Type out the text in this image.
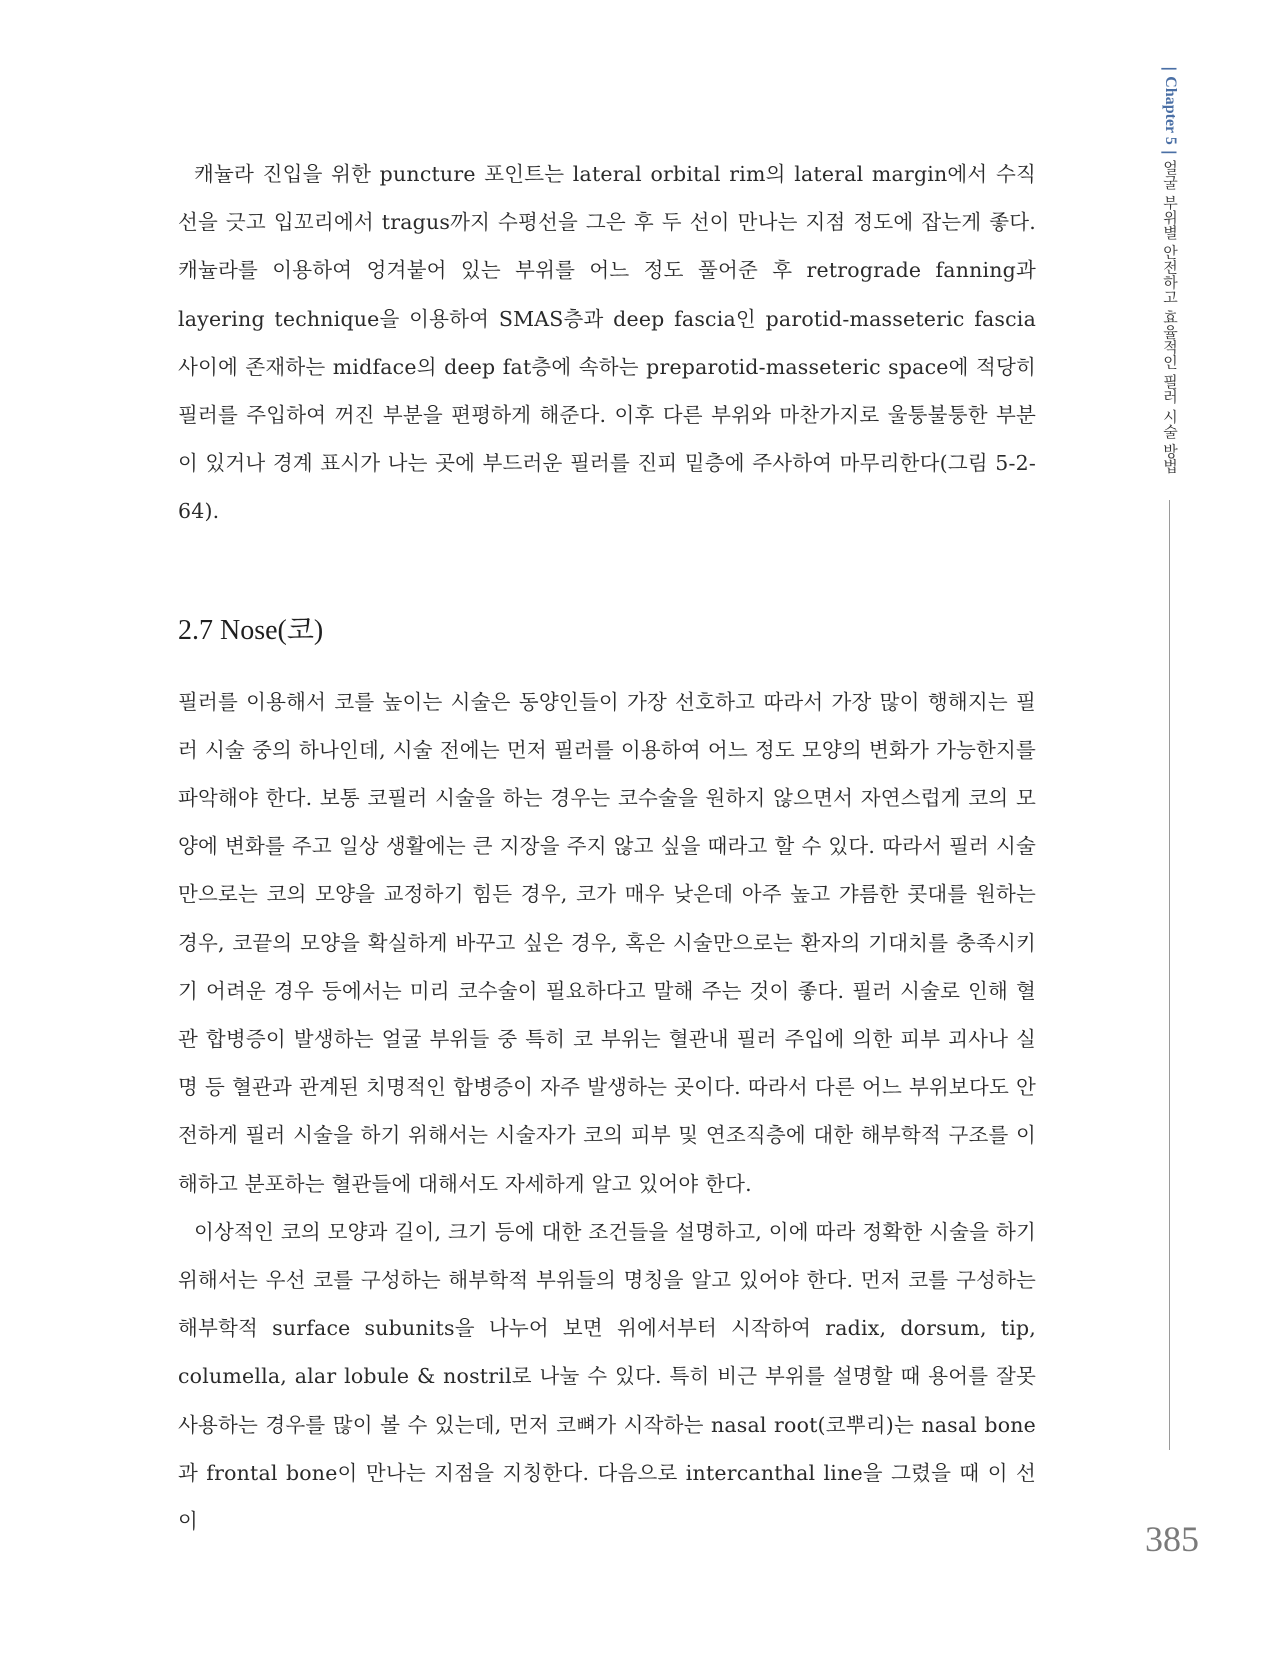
| Chapter 5 | 얼굴 부위별 안전하고 효율적인 필러 시술 방법

캐뉼라 진입을 위한 puncture 포인트는 lateral orbital rim의 lateral margin에서 수직선을 긋고 입꼬리에서 tragus까지 수평선을 그은 후 두 선이 만나는 지점 정도에 잡는게 좋다. 캐뉼라를 이용하여 엉겨붙어 있는 부위를 어느 정도 풀어준 후 retrograde fanning과 layering technique을 이용하여 SMAS층과 deep fascia인 parotid-masseteric fascia 사이에 존재하는 midface의 deep fat층에 속하는 preparotid-masseteric space에 적당히 필러를 주입하여 꺼진 부분을 편평하게 해준다. 이후 다른 부위와 마찬가지로 울퉁불퉁한 부분이 있거나 경계 표시가 나는 곳에 부드러운 필러를 진피 밑층에 주사하여 마무리한다(그림 5-2-64).

2.7 Nose(코)

필러를 이용해서 코를 높이는 시술은 동양인들이 가장 선호하고 따라서 가장 많이 행해지는 필러 시술 중의 하나인데, 시술 전에는 먼저 필러를 이용하여 어느 정도 모양의 변화가 가능한지를 파악해야 한다. 보통 코필러 시술을 하는 경우는 코수술을 원하지 않으면서 자연스럽게 코의 모양에 변화를 주고 일상 생활에는 큰 지장을 주지 않고 싶을 때라고 할 수 있다. 따라서 필러 시술만으로는 코의 모양을 교정하기 힘든 경우, 코가 매우 낮은데 아주 높고 갸름한 콧대를 원하는 경우, 코끝의 모양을 확실하게 바꾸고 싶은 경우, 혹은 시술만으로는 환자의 기대치를 충족시키기 어려운 경우 등에서는 미리 코수술이 필요하다고 말해 주는 것이 좋다. 필러 시술로 인해 혈관 합병증이 발생하는 얼굴 부위들 중 특히 코 부위는 혈관내 필러 주입에 의한 피부 괴사나 실명 등 혈관과 관계된 치명적인 합병증이 자주 발생하는 곳이다. 따라서 다른 어느 부위보다도 안전하게 필러 시술을 하기 위해서는 시술자가 코의 피부 및 연조직층에 대한 해부학적 구조를 이해하고 분포하는 혈관들에 대해서도 자세하게 알고 있어야 한다.

이상적인 코의 모양과 길이, 크기 등에 대한 조건들을 설명하고, 이에 따라 정확한 시술을 하기 위해서는 우선 코를 구성하는 해부학적 부위들의 명칭을 알고 있어야 한다. 먼저 코를 구성하는 해부학적 surface subunits을 나누어 보면 위에서부터 시작하여 radix, dorsum, tip, columella, alar lobule & nostril로 나눌 수 있다. 특히 비근 부위를 설명할 때 용어를 잘못 사용하는 경우를 많이 볼 수 있는데, 먼저 코뼈가 시작하는 nasal root(코뿌리)는 nasal bone과 frontal bone이 만나는 지점을 지칭한다. 다음으로 intercanthal line을 그렸을 때 이 선이	385
